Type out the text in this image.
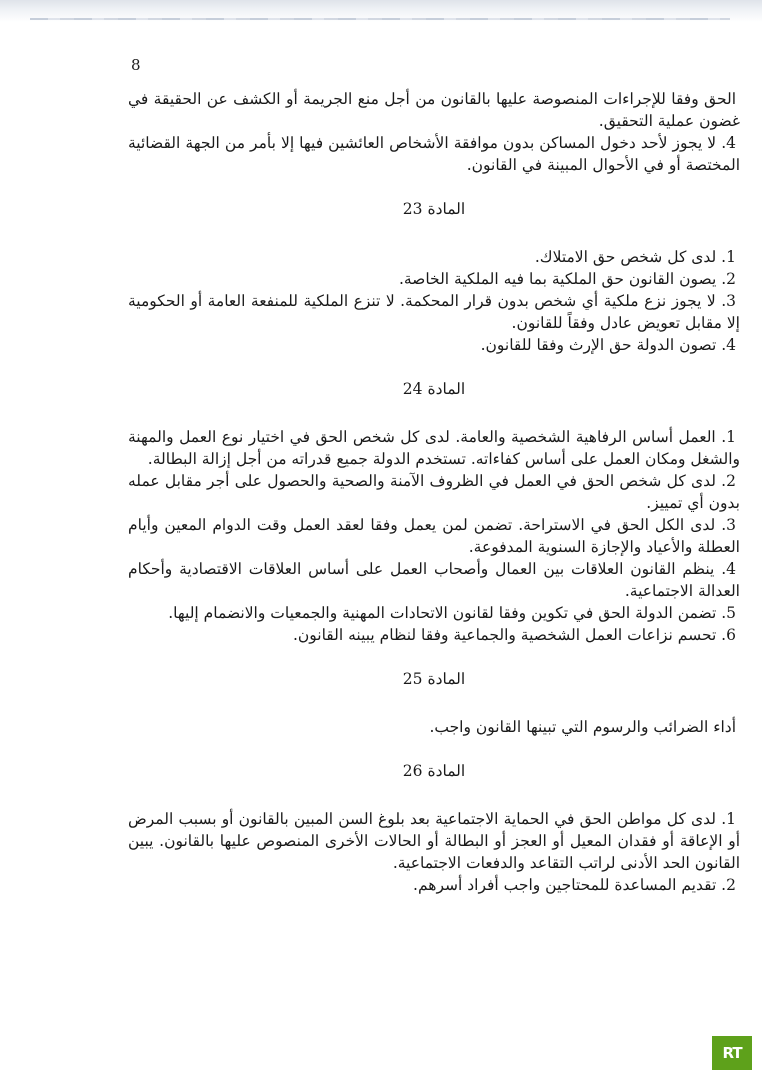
8

الحق وفقا للإجراءات المنصوصة عليها بالقانون من أجل منع الجريمة أو الكشف عن الحقيقة في غضون عملية التحقيق.

4. لا يجوز لأحد دخول المساكن بدون موافقة الأشخاص العائشين فيها إلا بأمر من الجهة القضائية المختصة أو في الأحوال المبينة في القانون.

المادة 23

1. لدى كل شخص حق الامتلاك.

2. يصون القانون حق الملكية بما فيه الملكية الخاصة.

3. لا يجوز نزع ملكية أي شخص بدون قرار المحكمة. لا تنزع الملكية للمنفعة العامة أو الحكومية إلا مقابل تعويض عادل وفقاً للقانون.

4. تصون الدولة حق الإرث وفقا للقانون.

المادة 24

1. العمل أساس الرفاهية الشخصية والعامة. لدى كل شخص الحق في اختيار نوع العمل والمهنة والشغل ومكان العمل على أساس كفاءاته. تستخدم الدولة جميع قدراته من أجل إزالة البطالة.

2. لدى كل شخص الحق في العمل في الظروف الآمنة والصحية والحصول على أجر مقابل عمله بدون أي تمييز.

3. لدى الكل الحق في الاستراحة. تضمن لمن يعمل وفقا لعقد العمل وقت الدوام المعين وأيام العطلة والأعياد والإجازة السنوية المدفوعة.

4. ينظم القانون العلاقات بين العمال وأصحاب العمل على أساس العلاقات الاقتصادية وأحكام العدالة الاجتماعية.

5. تضمن الدولة الحق في تكوين وفقا لقانون الاتحادات المهنية والجمعيات والانضمام إليها.

6. تحسم نزاعات العمل الشخصية والجماعية وفقا لنظام يبينه القانون.

المادة 25

أداء الضرائب والرسوم التي تبينها القانون واجب.

المادة 26

1. لدى كل مواطن الحق في الحماية الاجتماعية بعد بلوغ السن المبين بالقانون أو بسبب المرض أو الإعاقة أو فقدان المعيل أو العجز أو البطالة أو الحالات الأخرى المنصوص عليها بالقانون. يبين القانون الحد الأدنى لراتب التقاعد والدفعات الاجتماعية.

2. تقديم المساعدة للمحتاجين واجب أفراد أسرهم.

RT
